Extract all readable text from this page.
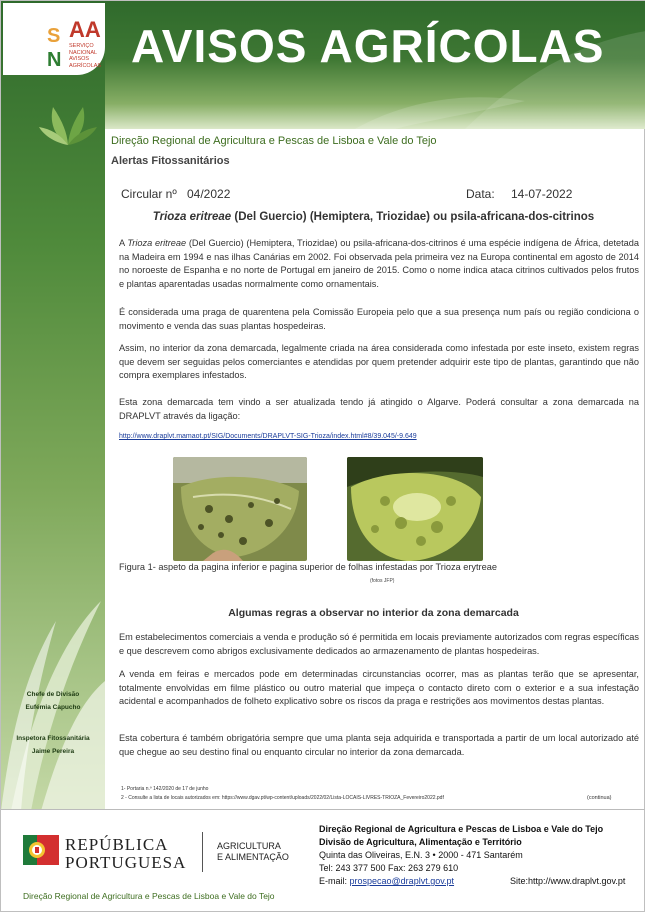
AVISOS AGRÍCOLAS
S AA
N
SERVIÇO NACIONAL AVISOS AGRÍCOLAS
Direção Regional de Agricultura e Pescas de Lisboa e Vale do Tejo
Alertas Fitossanitários
Circular nº 04/2022	Data: 14-07-2022
Trioza eritreae (Del Guercio) (Hemiptera, Triozidae) ou psila-africana-dos-citrinos
A Trioza eritreae (Del Guercio) (Hemiptera, Triozidae) ou psila-africana-dos-citrinos é uma espécie indígena de África, detetada na Madeira em 1994 e nas ilhas Canárias em 2002. Foi observada pela primeira vez na Europa continental em agosto de 2014 no noroeste de Espanha e no norte de Portugal em janeiro de 2015. Como o nome indica ataca citrinos cultivados pelos frutos e plantas aparentadas usadas normalmente como ornamentais.
É considerada uma praga de quarentena pela Comissão Europeia pelo que a sua presença num país ou região condiciona o movimento e venda das suas plantas hospedeiras.
Assim, no interior da zona demarcada, legalmente criada na área considerada como infestada por este inseto, existem regras que devem ser seguidas pelos comerciantes e atendidas por quem pretender adquirir este tipo de plantas, garantindo que não compra exemplares infestados.
Esta zona demarcada tem vindo a ser atualizada tendo já atingido o Algarve. Poderá consultar a zona demarcada na DRAPLVT através da ligação:
http://www.draplvt.mamaot.pt/SIG/Documents/DRAPLVT-SIG-Trioza/index.html#8/39.045/-9.649
Figura 1- aspeto da pagina inferior e pagina superior de folhas infestadas por Trioza erytreae
(fotos JFP)
Algumas regras a observar no interior da zona demarcada
Em estabelecimentos comerciais a venda e produção só é permitida em locais previamente autorizados com regras específicas e que descrevem como abrigos exclusivamente dedicados ao armazenamento de plantas hospedeiras.
A venda em feiras e mercados pode em determinadas circunstancias ocorrer, mas as plantas terão que se apresentar, totalmente envolvidas em filme plástico ou outro material que impeça o contacto direto com o exterior e a sua infestação acidental e acompanhados de folheto explicativo sobre os riscos da praga e restrições aos movimentos destas plantas.
Esta cobertura é também obrigatória sempre que uma planta seja adquirida e transportada a partir de um local autorizado até que chegue ao seu destino final ou enquanto circular no interior da zona demarcada.
Chefe de Divisão
Eufémia Capucho
Inspetora Fitossanitária
Jaime Pereira
1- Portaria n.º 142/2020 de 17 de junho
2 - Consulte a lista de locais autorizados em: https://www.dgav.pt/wp-content/uploads/2022/02/Lista-LOCAIS-LIVRES-TRIOZA_Fevereiro2022.pdf	(continua)
REPÚBLICA
PORTUGUESA
AGRICULTURA
E ALIMENTAÇÃO
Direção Regional de Agricultura e Pescas de Lisboa e Vale do Tejo
Divisão de Agricultura, Alimentação e Território
Quinta das Oliveiras, E.N. 3 • 2000 - 471 Santarém
Tel: 243 377 500 Fax: 263 279 610
E-mail: prospecao@draplvt.gov.pt	Site:http://www.draplvt.gov.pt
Direção Regional de Agricultura e Pescas de Lisboa e Vale do Tejo
